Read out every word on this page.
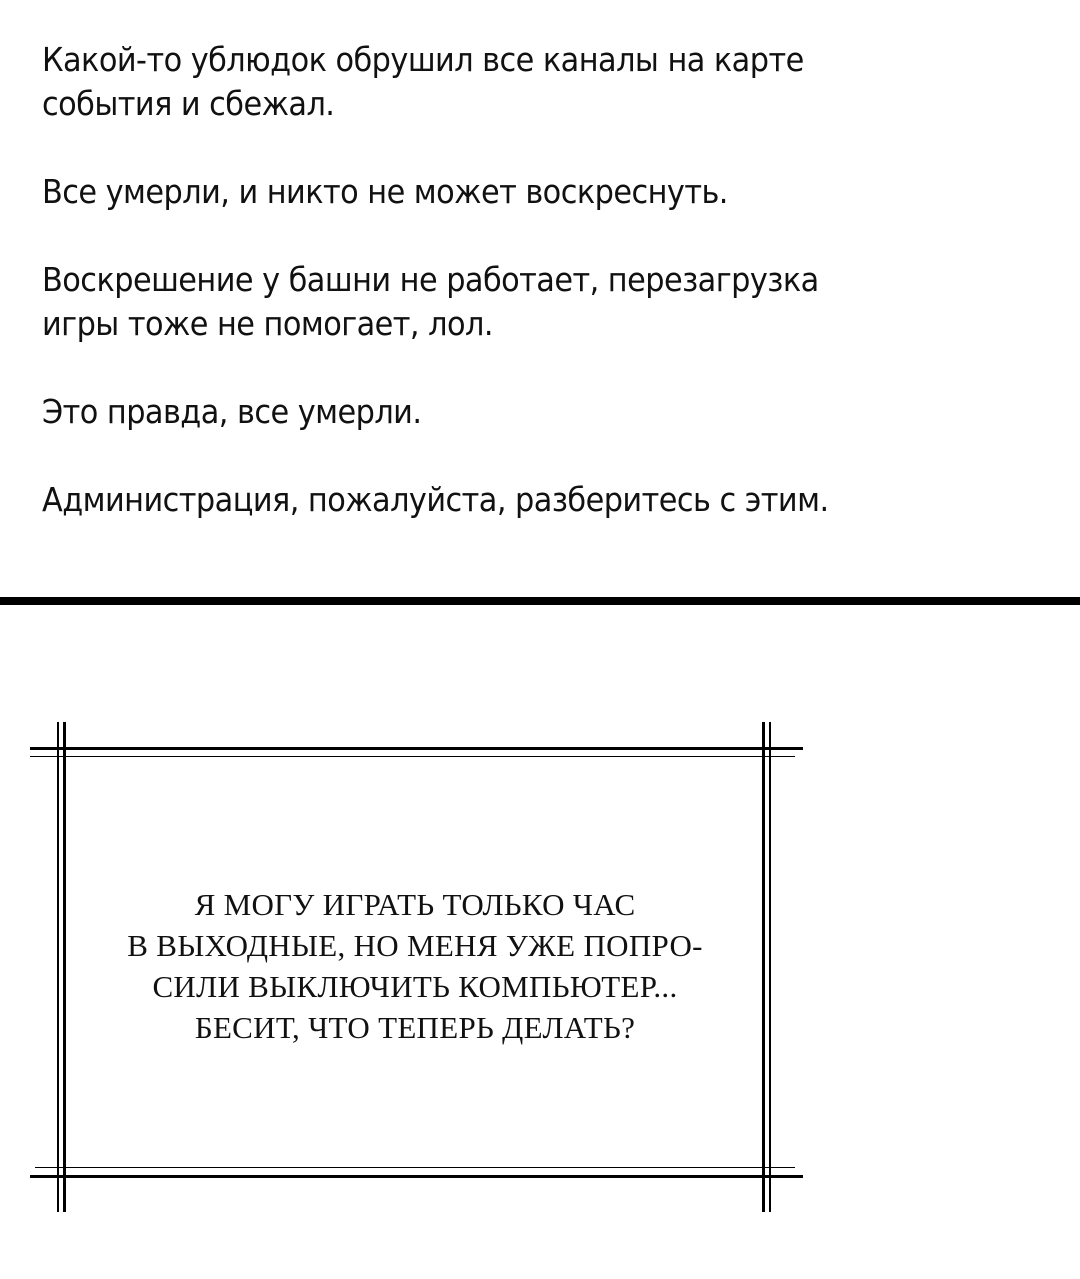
Какой-то ублюдок обрушил все каналы на карте
события и сбежал.
Все умерли, и никто не может воскреснуть.
Воскрешение у башни не работает, перезагрузка
игры тоже не помогает, лол.
Это правда, все умерли.
Администрация, пожалуйста, разберитесь с этим.
Я МОГУ ИГРАТЬ ТОЛЬКО ЧАС
В ВЫХОДНЫЕ, НО МЕНЯ УЖЕ ПОПРО-
СИЛИ ВЫКЛЮЧИТЬ КОМПЬЮТЕР...
БЕСИТ, ЧТО ТЕПЕРЬ ДЕЛАТЬ?
